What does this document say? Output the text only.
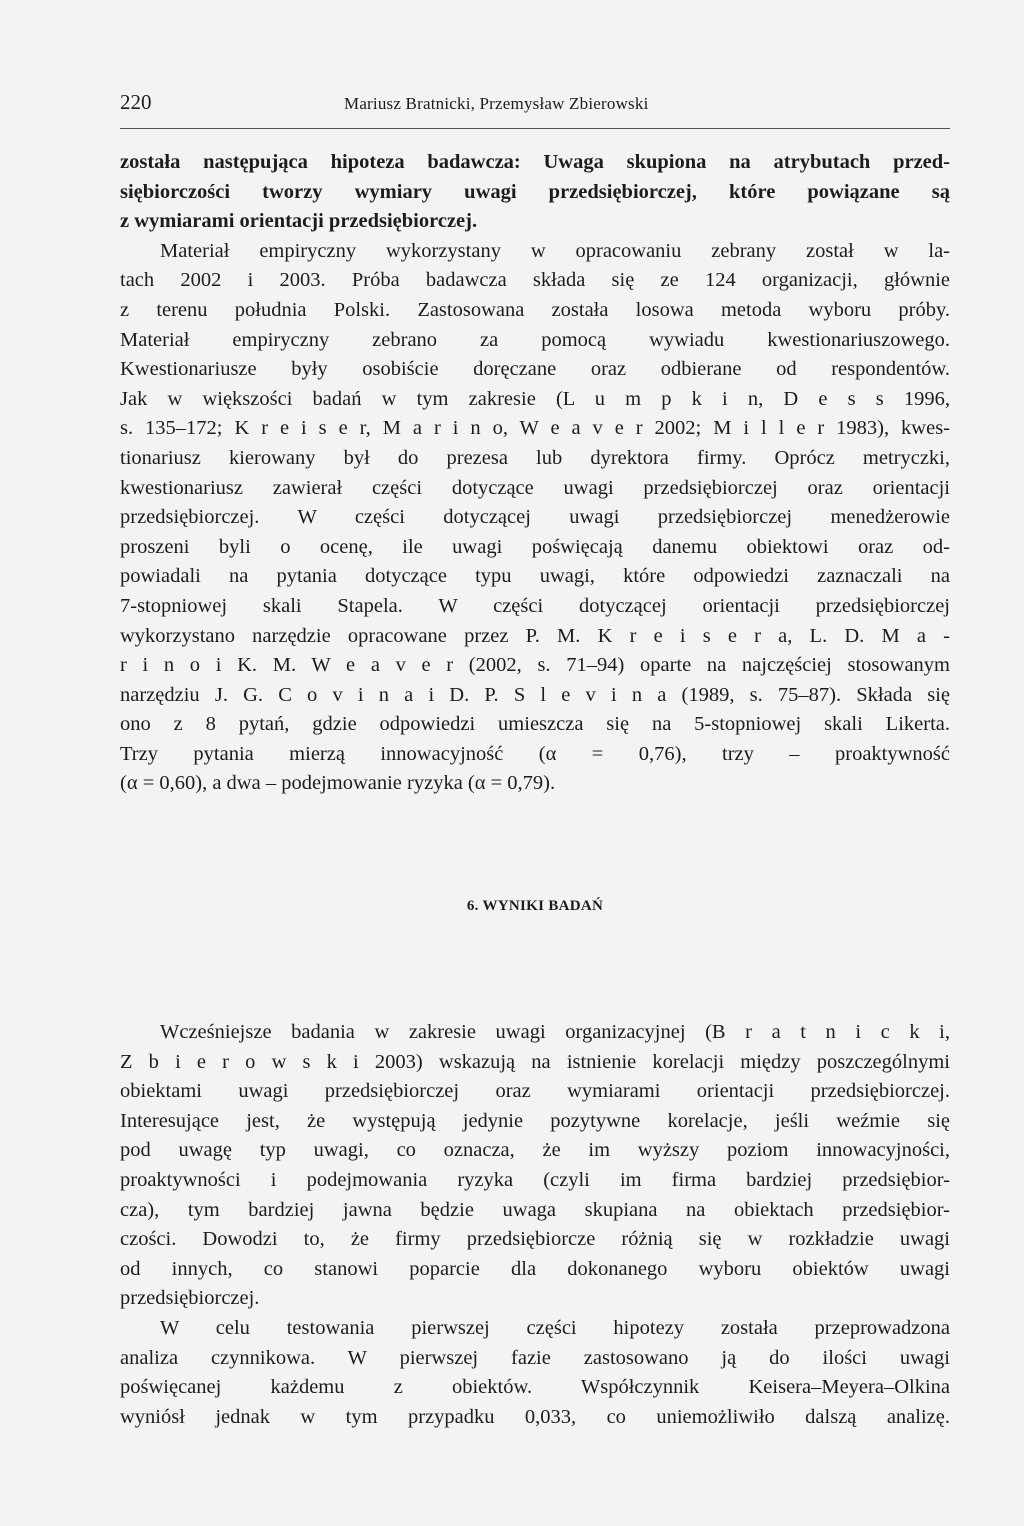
220	Mariusz Bratnicki, Przemysław Zbierowski
została następująca hipoteza badawcza: Uwaga skupiona na atrybutach przed-
siębiorczości tworzy wymiary uwagi przedsiębiorczej, które powiązane są
z wymiarami orientacji przedsiębiorczej.
Materiał empiryczny wykorzystany w opracowaniu zebrany został w la-
tach 2002 i 2003. Próba badawcza składa się ze 124 organizacji, głównie
z terenu południa Polski. Zastosowana została losowa metoda wyboru próby.
Materiał empiryczny zebrano za pomocą wywiadu kwestionariuszowego.
Kwestionariusze były osobiście doręczane oraz odbierane od respondentów.
Jak w większości badań w tym zakresie (L u m p k i n, D e s s 1996,
s. 135–172; K r e i s e r, M a r i n o, W e a v e r 2002; M i l l e r 1983), kwes-
tionariusz kierowany był do prezesa lub dyrektora firmy. Oprócz metryczki,
kwestionariusz zawierał części dotyczące uwagi przedsiębiorczej oraz orientacji
przedsiębiorczej. W części dotyczącej uwagi przedsiębiorczej menedżerowie
proszeni byli o ocenę, ile uwagi poświęcają danemu obiektowi oraz od-
powiadali na pytania dotyczące typu uwagi, które odpowiedzi zaznaczali na
7-stopniowej skali Stapela. W części dotyczącej orientacji przedsiębiorczej
wykorzystano narzędzie opracowane przez P. M. K r e i s e r a, L. D. M a -
r i n o i K. M. W e a v e r (2002, s. 71–94) oparte na najczęściej stosowanym
narzędziu J. G. C o v i n a i D. P. S l e v i n a (1989, s. 75–87). Składa się
ono z 8 pytań, gdzie odpowiedzi umieszcza się na 5-stopniowej skali Likerta.
Trzy pytania mierzą innowacyjność (α = 0,76), trzy – proaktywność
(α = 0,60), a dwa – podejmowanie ryzyka (α = 0,79).
6. WYNIKI BADAŃ
Wcześniejsze badania w zakresie uwagi organizacyjnej (B r a t n i c k i,
Z b i e r o w s k i 2003) wskazują na istnienie korelacji między poszczególnymi
obiektami uwagi przedsiębiorczej oraz wymiarami orientacji przedsiębiorczej.
Interesujące jest, że występują jedynie pozytywne korelacje, jeśli weźmie się
pod uwagę typ uwagi, co oznacza, że im wyższy poziom innowacyjności,
proaktywności i podejmowania ryzyka (czyli im firma bardziej przedsiębior-
cza), tym bardziej jawna będzie uwaga skupiana na obiektach przedsiębior-
czości. Dowodzi to, że firmy przedsiębiorcze różnią się w rozkładzie uwagi
od innych, co stanowi poparcie dla dokonanego wyboru obiektów uwagi
przedsiębiorczej.
W celu testowania pierwszej części hipotezy została przeprowadzona
analiza czynnikowa. W pierwszej fazie zastosowano ją do ilości uwagi
poświęcanej każdemu z obiektów. Współczynnik Keisera–Meyera–Olkina
wyniósł jednak w tym przypadku 0,033, co uniemożliwiło dalszą analizę.
